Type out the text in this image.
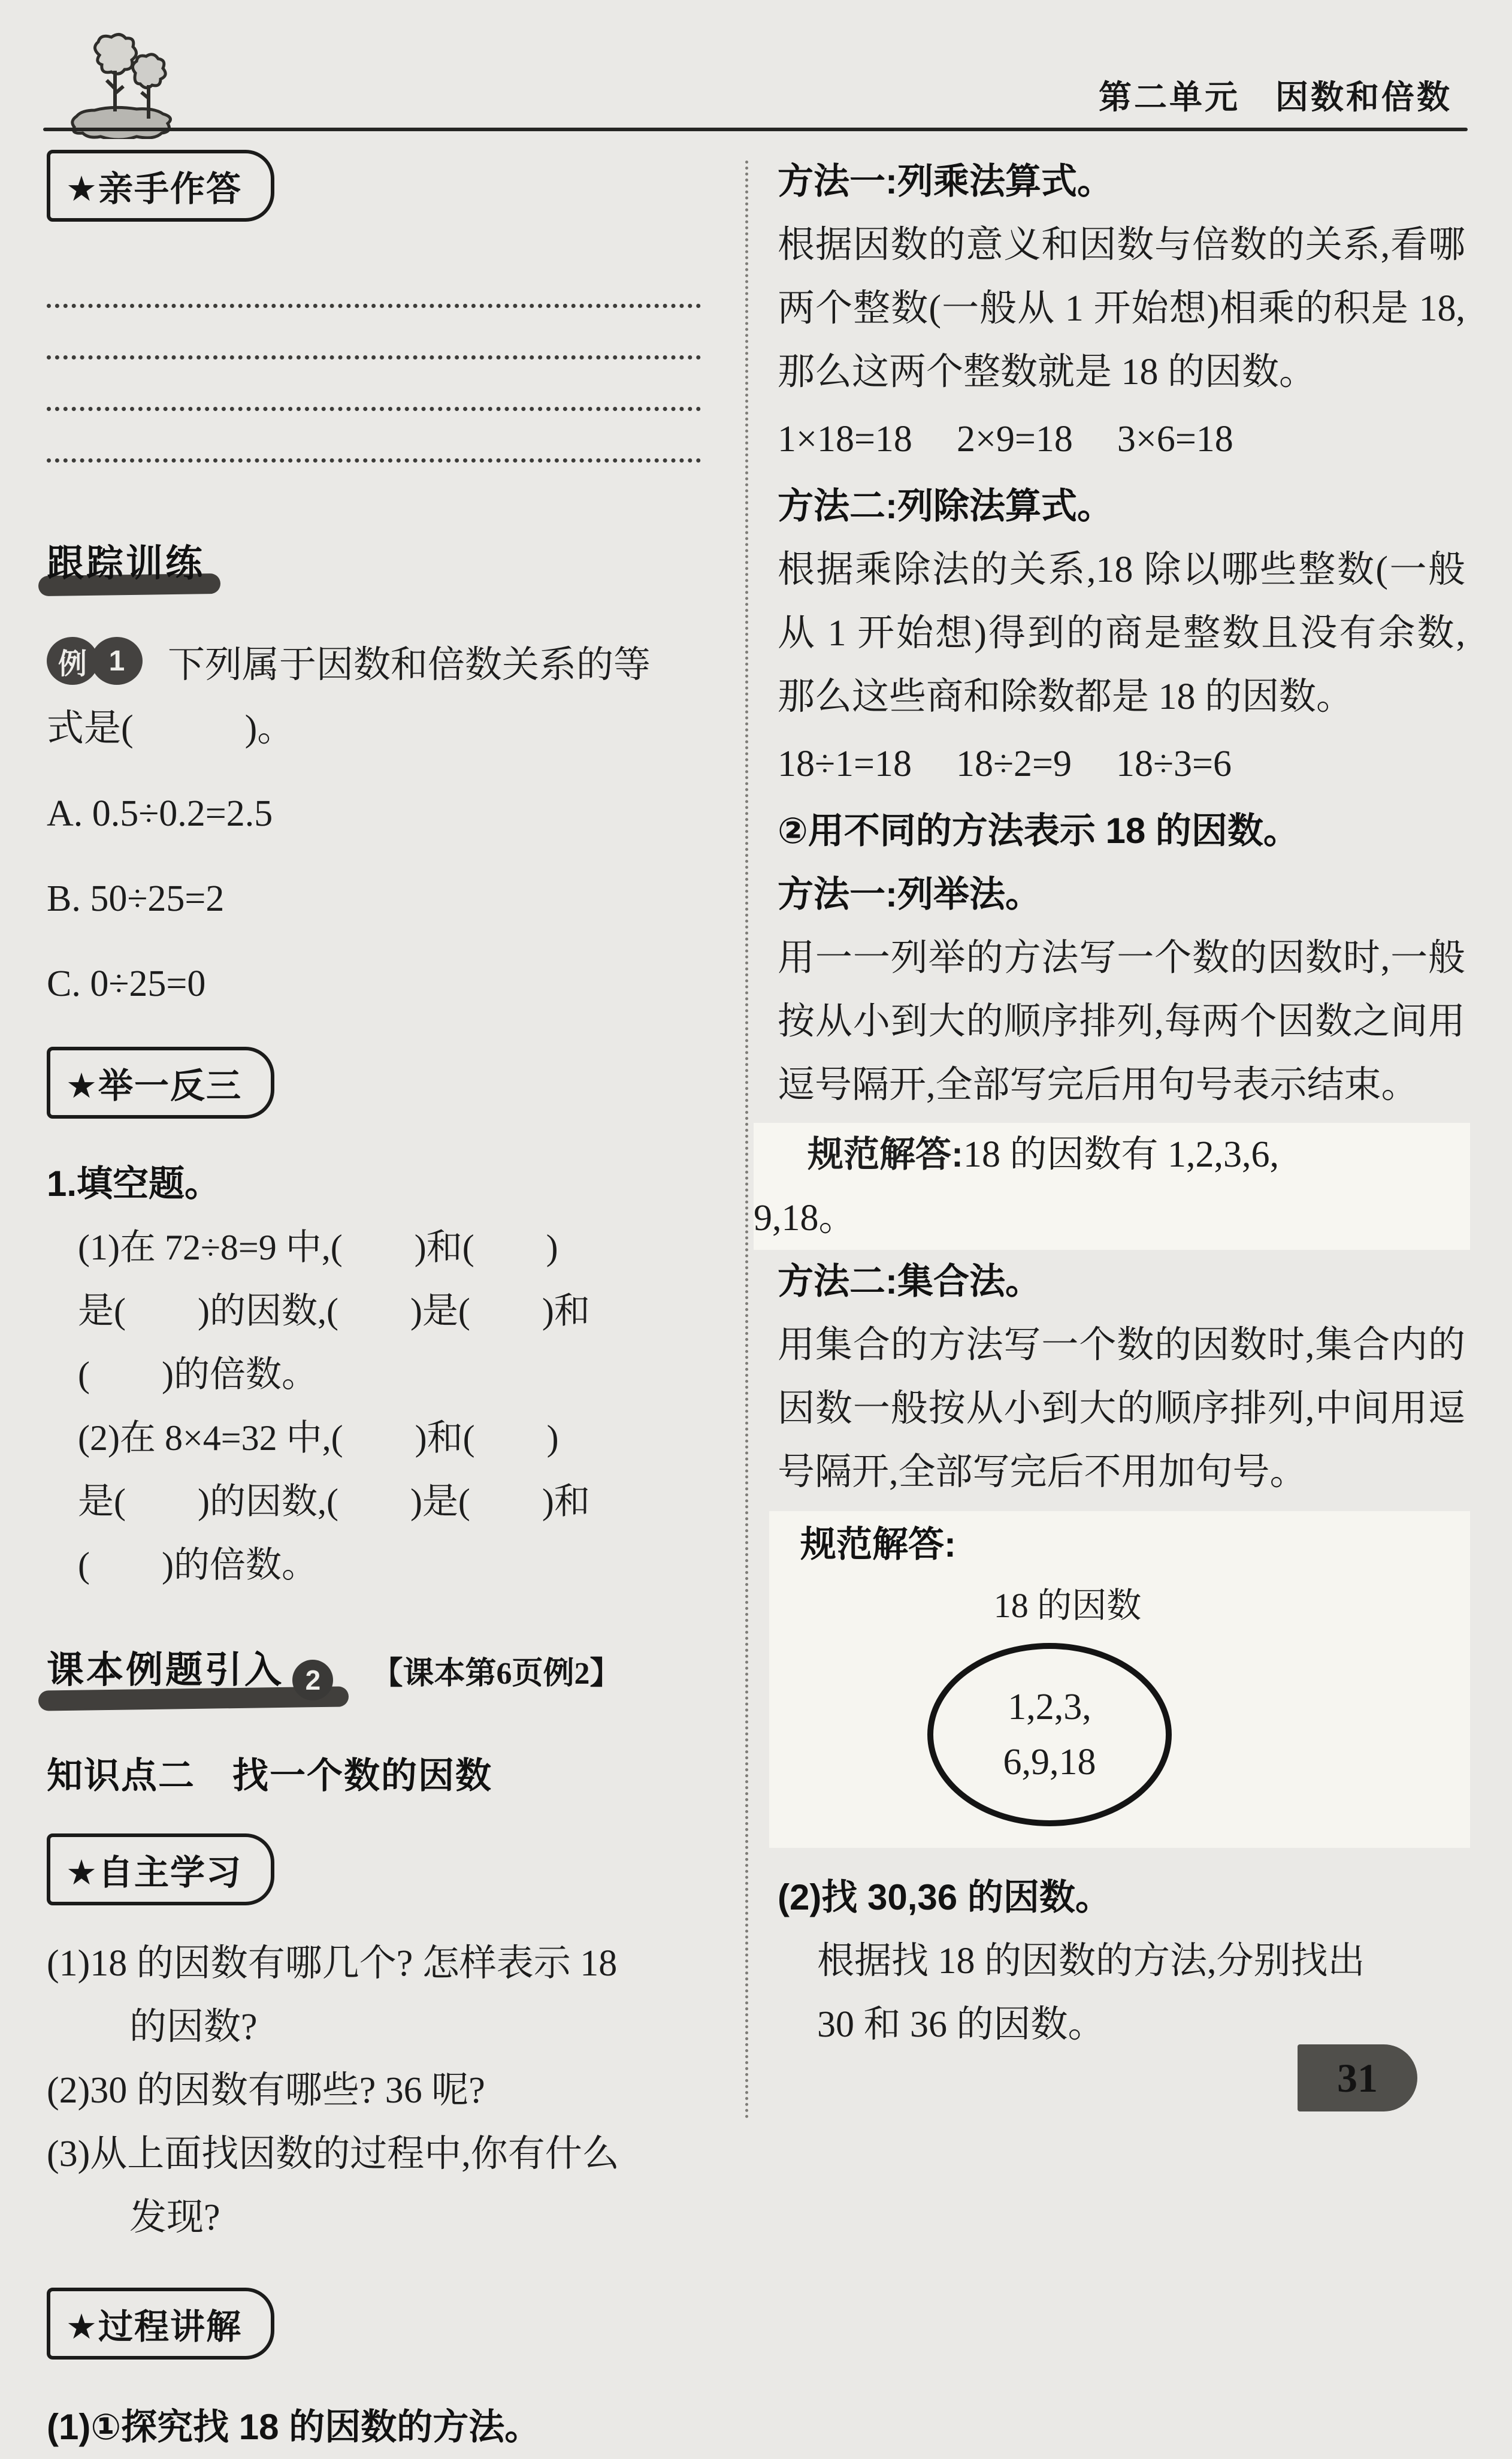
第二单元　因数和倍数
★亲手作答
跟踪训练
例 1	下列属于因数和倍数关系的等
式是(　　　)。
A. 0.5÷0.2=2.5
B. 50÷25=2
C. 0÷25=0
★举一反三
1.填空题。
(1)在 72÷8=9 中,(　　)和(　　)
是(　　)的因数,(　　)是(　　)和
(　　)的倍数。
(2)在 8×4=32 中,(　　)和(　　)
是(　　)的因数,(　　)是(　　)和
(　　)的倍数。
课本例题引入 2	【课本第6页例2】
知识点二　找一个数的因数
★自主学习
(1)18 的因数有哪几个? 怎样表示 18
的因数?
(2)30 的因数有哪些? 36 呢?
(3)从上面找因数的过程中,你有什么
发现?
★过程讲解
(1)①探究找 18 的因数的方法。
方法一:列乘法算式。
根据因数的意义和因数与倍数的关系,看哪两个整数(一般从 1 开始想)相乘的积是 18,那么这两个整数就是 18 的因数。
1×18=18 2×9=18 3×6=18
方法二:列除法算式。
根据乘除法的关系,18 除以哪些整数(一般从 1 开始想)得到的商是整数且没有余数,那么这些商和除数都是 18 的因数。
18÷1=18 18÷2=9 18÷3=6
②用不同的方法表示 18 的因数。
方法一:列举法。
用一一列举的方法写一个数的因数时,一般按从小到大的顺序排列,每两个因数之间用逗号隔开,全部写完后用句号表示结束。
规范解答:18 的因数有 1,2,3,6,
9,18。
方法二:集合法。
用集合的方法写一个数的因数时,集合内的因数一般按从小到大的顺序排列,中间用逗号隔开,全部写完后不用加句号。
规范解答:
18 的因数
1,2,3,
6,9,18
(2)找 30,36 的因数。
根据找 18 的因数的方法,分别找出
30 和 36 的因数。
31
